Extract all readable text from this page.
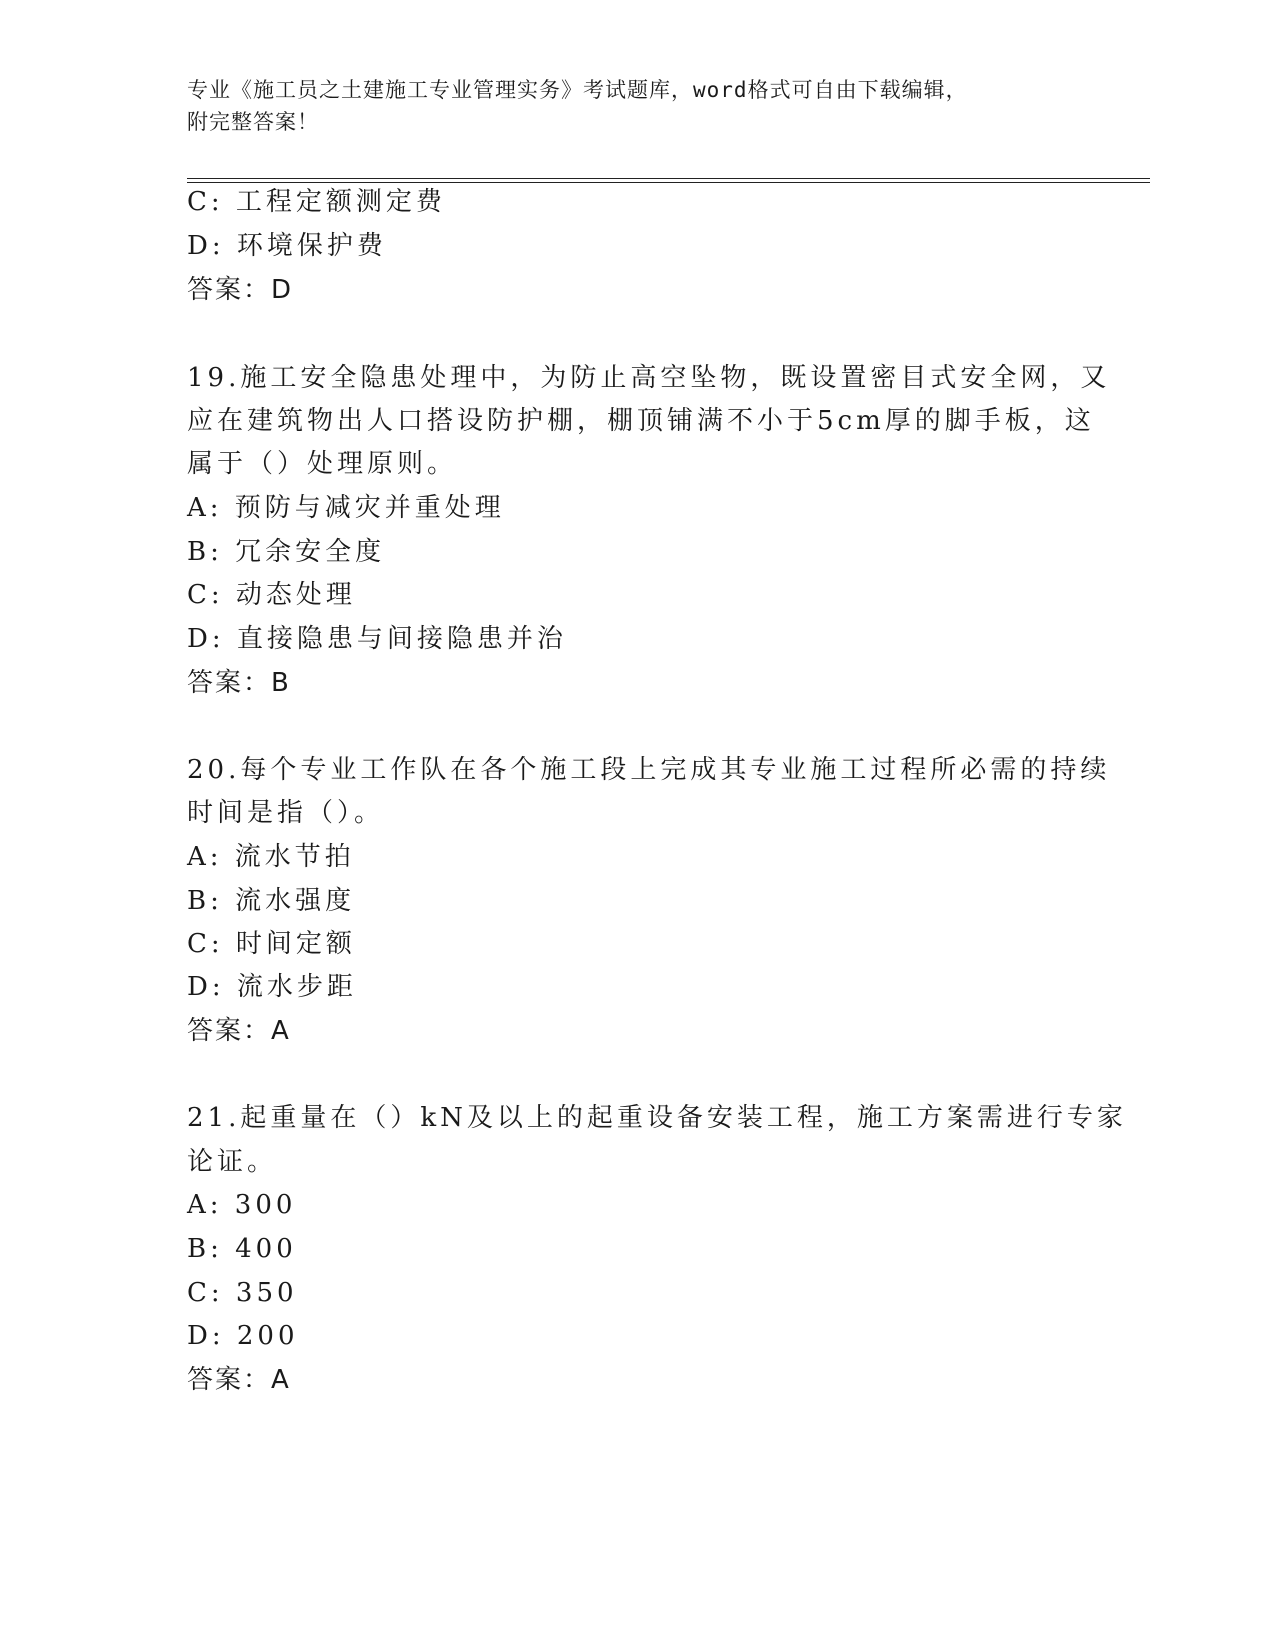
专业《施工员之土建施工专业管理实务》考试题库，word格式可自由下载编辑，
附完整答案！
C: 工程定额测定费
D: 环境保护费
答案：D
19.施工安全隐患处理中，为防止高空坠物，既设置密目式安全网，又
应在建筑物出人口搭设防护棚，棚顶铺满不小于5cm厚的脚手板，这
属于（）处理原则。
A: 预防与减灾并重处理
B: 冗余安全度
C: 动态处理
D: 直接隐患与间接隐患并治
答案：B
20.每个专业工作队在各个施工段上完成其专业施工过程所必需的持续
时间是指（）。
A: 流水节拍
B: 流水强度
C: 时间定额
D: 流水步距
答案：A
21.起重量在（）kN及以上的起重设备安装工程，施工方案需进行专家
论证。
A: 300
B: 400
C: 350
D: 200
答案：A
